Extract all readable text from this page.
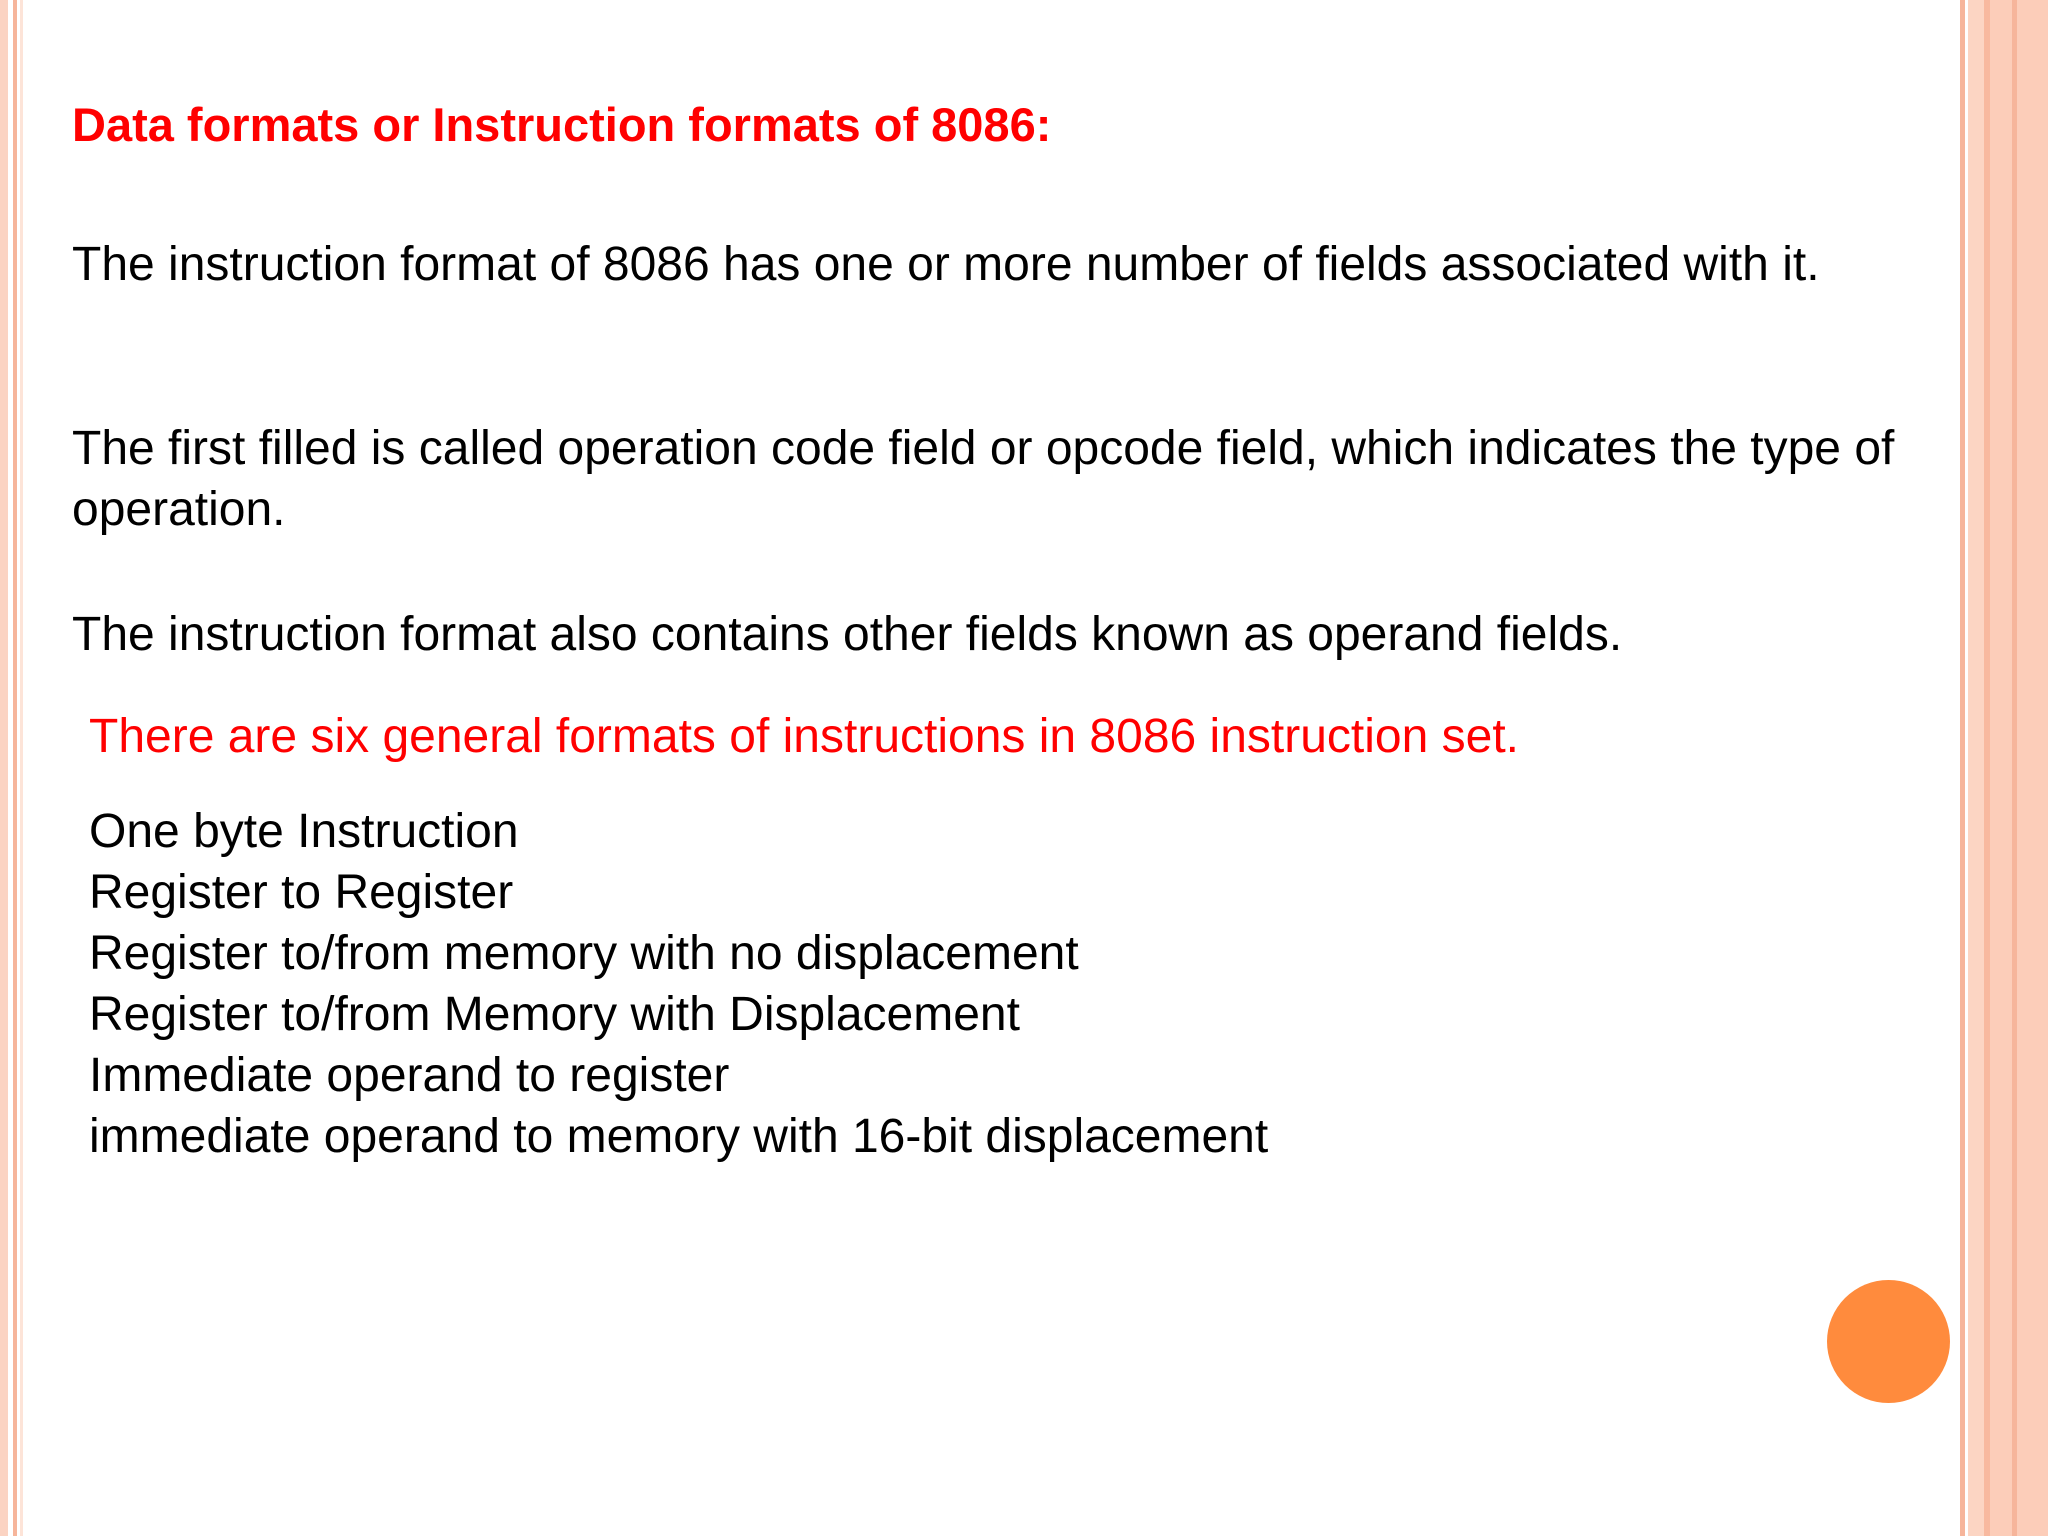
Data formats or Instruction formats of 8086:
The instruction format of 8086 has one or more number of fields associated with it.
The first filled is called operation code field or opcode field, which indicates the type of operation.
The instruction format also contains other fields known as operand fields.
There are six general formats of instructions in 8086 instruction set.
One byte Instruction
Register to Register
Register to/from memory with no displacement
Register to/from Memory with Displacement
Immediate operand to register
immediate operand to memory with 16-bit displacement
